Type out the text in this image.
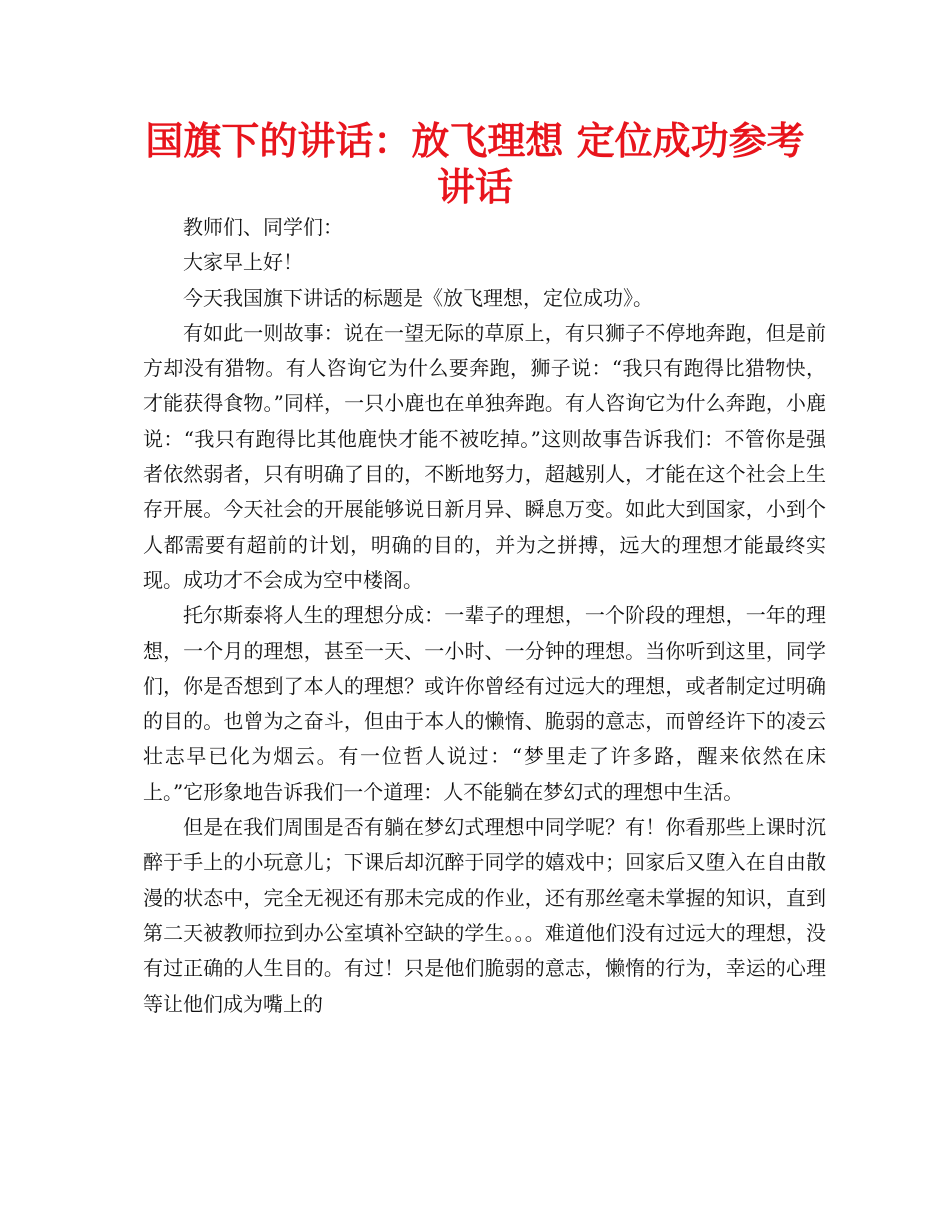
国旗下的讲话：放飞理想 定位成功参考讲话

教师们、同学们：

大家早上好！

今天我国旗下讲话的标题是《放飞理想，定位成功》。

有如此一则故事：说在一望无际的草原上，有只狮子不停地奔跑，但是前方却没有猎物。有人咨询它为什么要奔跑，狮子说：“我只有跑得比猎物快，才能获得食物。”同样，一只小鹿也在单独奔跑。有人咨询它为什么奔跑，小鹿说：“我只有跑得比其他鹿快才能不被吃掉。”这则故事告诉我们：不管你是强者依然弱者，只有明确了目的，不断地努力，超越别人，才能在这个社会上生存开展。今天社会的开展能够说日新月异、瞬息万变。如此大到国家，小到个人都需要有超前的计划，明确的目的，并为之拼搏，远大的理想才能最终实现。成功才不会成为空中楼阁。

托尔斯泰将人生的理想分成：一辈子的理想，一个阶段的理想，一年的理想，一个月的理想，甚至一天、一小时、一分钟的理想。当你听到这里，同学们，你是否想到了本人的理想？或许你曾经有过远大的理想，或者制定过明确的目的。也曾为之奋斗，但由于本人的懒惰、脆弱的意志，而曾经许下的凌云壮志早已化为烟云。有一位哲人说过：“梦里走了许多路，醒来依然在床上。”它形象地告诉我们一个道理：人不能躺在梦幻式的理想中生活。

但是在我们周围是否有躺在梦幻式理想中同学呢？有！你看那些上课时沉醉于手上的小玩意儿；下课后却沉醉于同学的嬉戏中；回家后又堕入在自由散漫的状态中，完全无视还有那未完成的作业，还有那丝毫未掌握的知识，直到第二天被教师拉到办公室填补空缺的学生。。。难道他们没有过远大的理想，没有过正确的人生目的。有过！只是他们脆弱的意志，懒惰的行为，幸运的心理等让他们成为嘴上的
